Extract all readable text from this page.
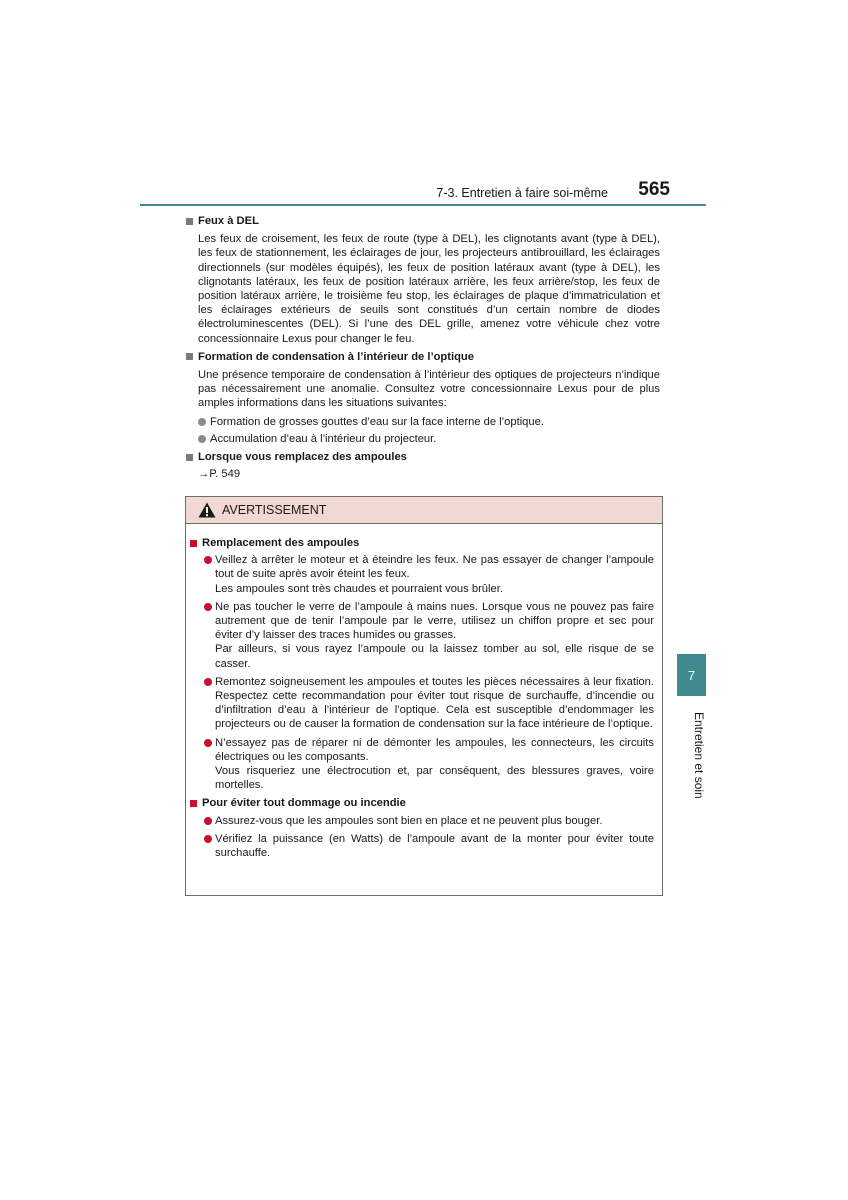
7-3. Entretien à faire soi-même 565

Feux à DEL

Les feux de croisement, les feux de route (type à DEL), les clignotants avant (type à DEL), les feux de stationnement, les éclairages de jour, les projecteurs antibrouillard, les éclairages directionnels (sur modèles équipés), les feux de position latéraux avant (type à DEL), les clignotants latéraux, les feux de position latéraux arrière, les feux arrière/stop, les feux de position latéraux arrière, le troisième feu stop, les éclairages de plaque d’immatriculation et les éclairages extérieurs de seuils sont constitués d’un certain nombre de diodes électroluminescentes (DEL). Si l’une des DEL grille, amenez votre véhicule chez votre concessionnaire Lexus pour changer le feu.

Formation de condensation à l’intérieur de l’optique

Une présence temporaire de condensation à l’intérieur des optiques de projecteurs n’indique pas nécessairement une anomalie. Consultez votre concessionnaire Lexus pour de plus amples informations dans les situations suivantes:

Formation de grosses gouttes d’eau sur la face interne de l’optique.
Accumulation d’eau à l’intérieur du projecteur.

Lorsque vous remplacez des ampoules

→P. 549
AVERTISSEMENT

Remplacement des ampoules

Veillez à arrêter le moteur et à éteindre les feux. Ne pas essayer de changer l’ampoule tout de suite après avoir éteint les feux.

Les ampoules sont très chaudes et pourraient vous brûler.

Ne pas toucher le verre de l’ampoule à mains nues. Lorsque vous ne pouvez pas faire autrement que de tenir l’ampoule par le verre, utilisez un chiffon propre et sec pour éviter d’y laisser des traces humides ou grasses.

Par ailleurs, si vous rayez l’ampoule ou la laissez tomber au sol, elle risque de se casser.

Remontez soigneusement les ampoules et toutes les pièces nécessaires à leur fixation. Respectez cette recommandation pour éviter tout risque de surchauffe, d’incendie ou d’infiltration d’eau à l’intérieur de l’optique. Cela est susceptible d’endommager les projecteurs ou de causer la formation de condensation sur la face intérieure de l’optique.

N’essayez pas de réparer ni de démonter les ampoules, les connecteurs, les circuits électriques ou les composants.

Vous risqueriez une électrocution et, par conséquent, des blessures graves, voire mortelles.

Pour éviter tout dommage ou incendie

Assurez-vous que les ampoules sont bien en place et ne peuvent plus bouger.

Vérifiez la puissance (en Watts) de l’ampoule avant de la monter pour éviter toute surchauffe.

7
Entretien et soin
